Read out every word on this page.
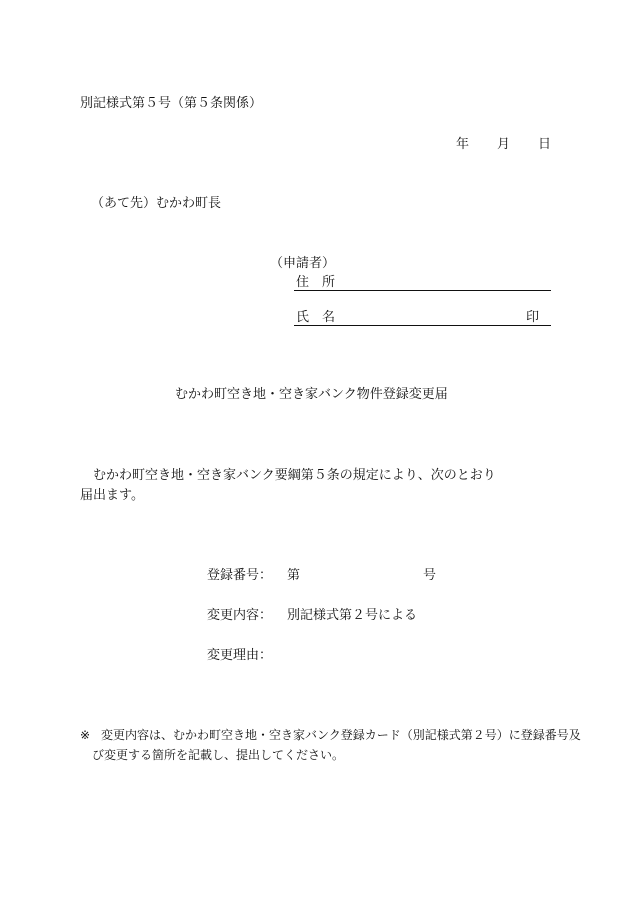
別記様式第５号（第５条関係）
年 月 日
（あて先）むかわ町長
（申請者）
住　所
氏　名	印
むかわ町空き地・空き家バンク物件登録変更届
むかわ町空き地・空き家バンク要綱第５条の規定により、次のとおり
届出ます。
登録番号： 第	号
変更内容： 別記様式第２号による
変更理由：
※ 変更内容は、むかわ町空き地・空き家バンク登録カード（別記様式第２号）に登録番号及
び変更する箇所を記載し、提出してください。
